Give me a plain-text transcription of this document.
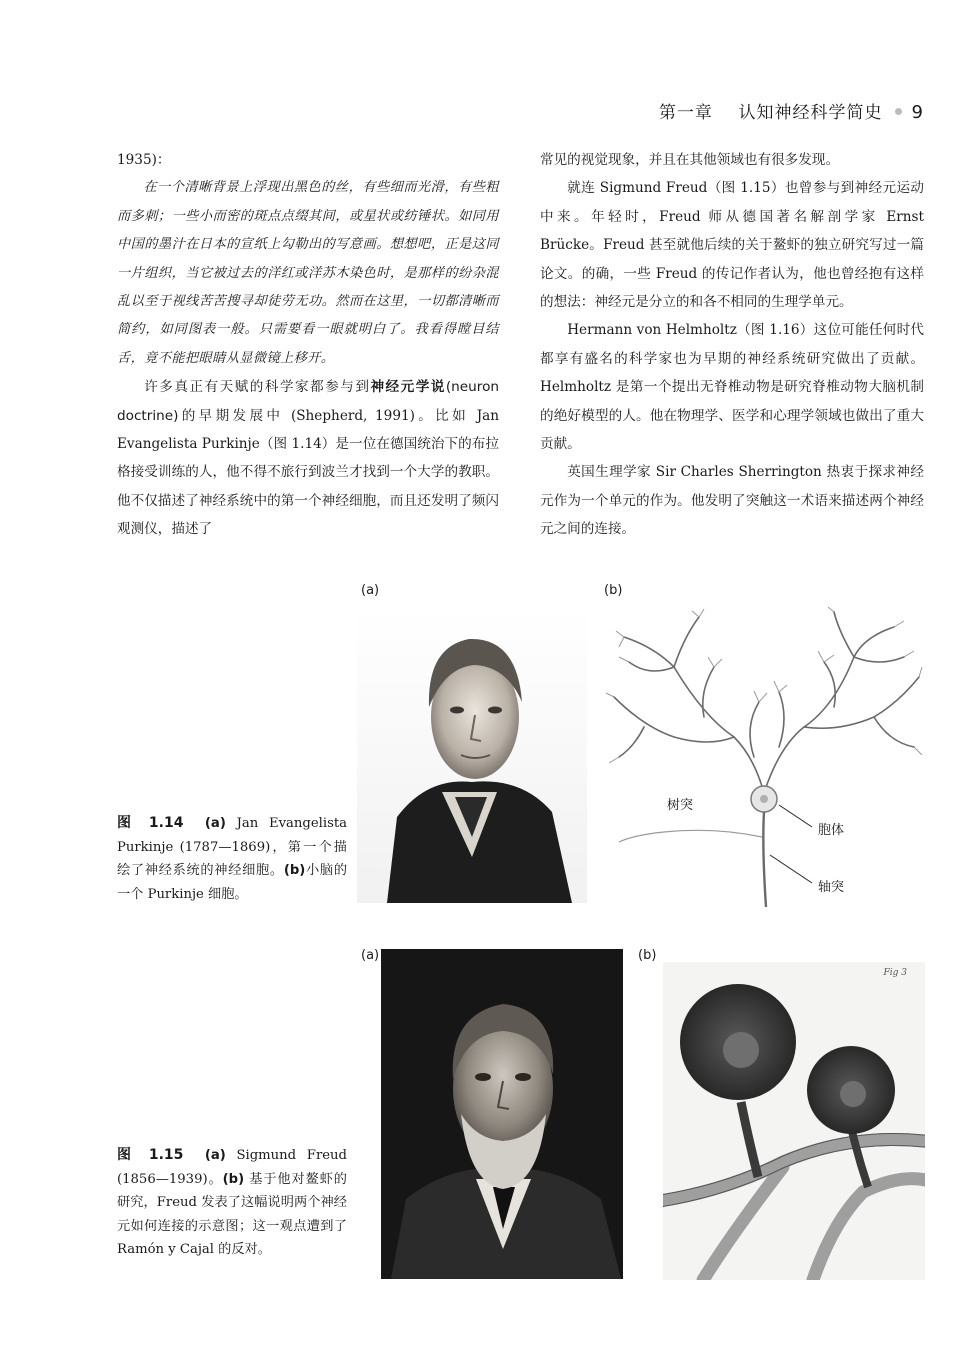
第一章 认知神经科学简史 9

1935)：

在一个清晰背景上浮现出黑色的丝，有些细而光滑，有些粗而多刺；一些小而密的斑点点缀其间，或星状或纺锤状。如同用中国的墨汁在日本的宣纸上勾勒出的写意画。想想吧，正是这同一片组织，当它被过去的洋红或洋苏木染色时，是那样的纷杂混乱以至于视线苦苦搜寻却徒劳无功。然而在这里，一切都清晰而简约，如同图表一般。只需要看一眼就明白了。我看得瞠目结舌，竟不能把眼睛从显微镜上移开。

许多真正有天赋的科学家都参与到神经元学说(neuron doctrine)的早期发展中 (Shepherd, 1991)。比如 Jan Evangelista Purkinje（图 1.14）是一位在德国统治下的布拉格接受训练的人，他不得不旅行到波兰才找到一个大学的教职。他不仅描述了神经系统中的第一个神经细胞，而且还发明了频闪观测仪，描述了

常见的视觉现象，并且在其他领域也有很多发现。

就连 Sigmund Freud（图 1.15）也曾参与到神经元运动中来。年轻时，Freud 师从德国著名解剖学家 Ernst Brücke。Freud 甚至就他后续的关于鳌虾的独立研究写过一篇论文。的确，一些 Freud 的传记作者认为，他也曾经抱有这样的想法：神经元是分立的和各不相同的生理学单元。

Hermann von Helmholtz（图 1.16）这位可能任何时代都享有盛名的科学家也为早期的神经系统研究做出了贡献。Helmholtz 是第一个提出无脊椎动物是研究脊椎动物大脑机制的绝好模型的人。他在物理学、医学和心理学领域也做出了重大贡献。

英国生理学家 Sir Charles Sherrington 热衷于探求神经元作为一个单元的作为。他发明了突触这一术语来描述两个神经元之间的连接。

(a)	(b)
树突
胞体
轴突
图 1.14 (a) Jan Evangelista Purkinje (1787—1869)，第一个描绘了神经系统的神经细胞。(b)小脑的一个 Purkinje 细胞。
(a)	(b)
Fig 3
图 1.15 (a) Sigmund Freud (1856—1939)。(b) 基于他对鳌虾的研究，Freud 发表了这幅说明两个神经元如何连接的示意图；这一观点遭到了 Ramón y Cajal 的反对。
